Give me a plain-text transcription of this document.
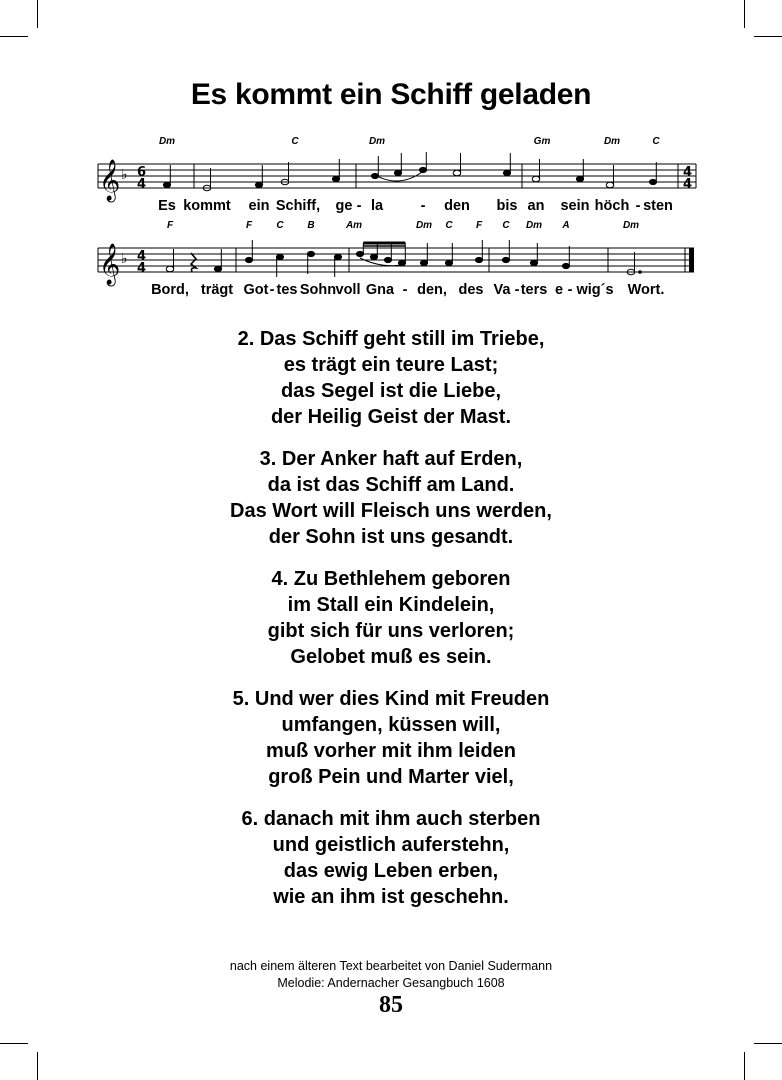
Es kommt ein Schiff geladen
Dm	C	Dm	Gm	Dm	C
𝄞 ♭ 6
4
4
4
Es kommt ein Schiff, ge - la	- den bis an sein höch - sten
F	F C B	Am	Dm C F C Dm A	Dm
𝄞 ♭ 4
4
Bord, trägt Got - tes Sohn voll Gna - den, des Va - ters e - wig´s Wort.
2. Das Schiff geht still im Triebe,
es trägt ein teure Last;
das Segel ist die Liebe,
der Heilig Geist der Mast.
3. Der Anker haft auf Erden,
da ist das Schiff am Land.
Das Wort will Fleisch uns werden,
der Sohn ist uns gesandt.
4. Zu Bethlehem geboren
im Stall ein Kindelein,
gibt sich für uns verloren;
Gelobet muß es sein.
5. Und wer dies Kind mit Freuden
umfangen, küssen will,
muß vorher mit ihm leiden
groß Pein und Marter viel,
6. danach mit ihm auch sterben
und geistlich auferstehn,
das ewig Leben erben,
wie an ihm ist geschehn.
nach einem älteren Text bearbeitet von Daniel Sudermann
Melodie: Andernacher Gesangbuch 1608
85
